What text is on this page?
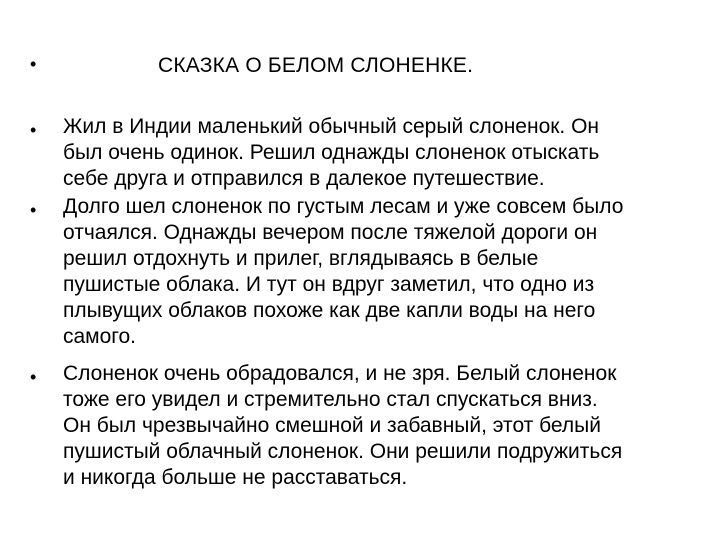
•	СКАЗКА О БЕЛОМ СЛОНЕНКЕ.
• Жил в Индии маленький обычный серый слоненок. Он
был очень одинок. Решил однажды слоненок отыскать
себе друга и отправился в далекое путешествие.
• Долго шел слоненок по густым лесам и уже совсем было
отчаялся. Однажды вечером после тяжелой дороги он
решил отдохнуть и прилег, вглядываясь в белые
пушистые облака. И тут он вдруг заметил, что одно из
плывущих облаков похоже как две капли воды на него
самого.
• Слоненок очень обрадовался, и не зря. Белый слоненок
тоже его увидел и стремительно стал спускаться вниз.
Он был чрезвычайно смешной и забавный, этот белый
пушистый облачный слоненок. Они решили подружиться
и никогда больше не расставаться.
